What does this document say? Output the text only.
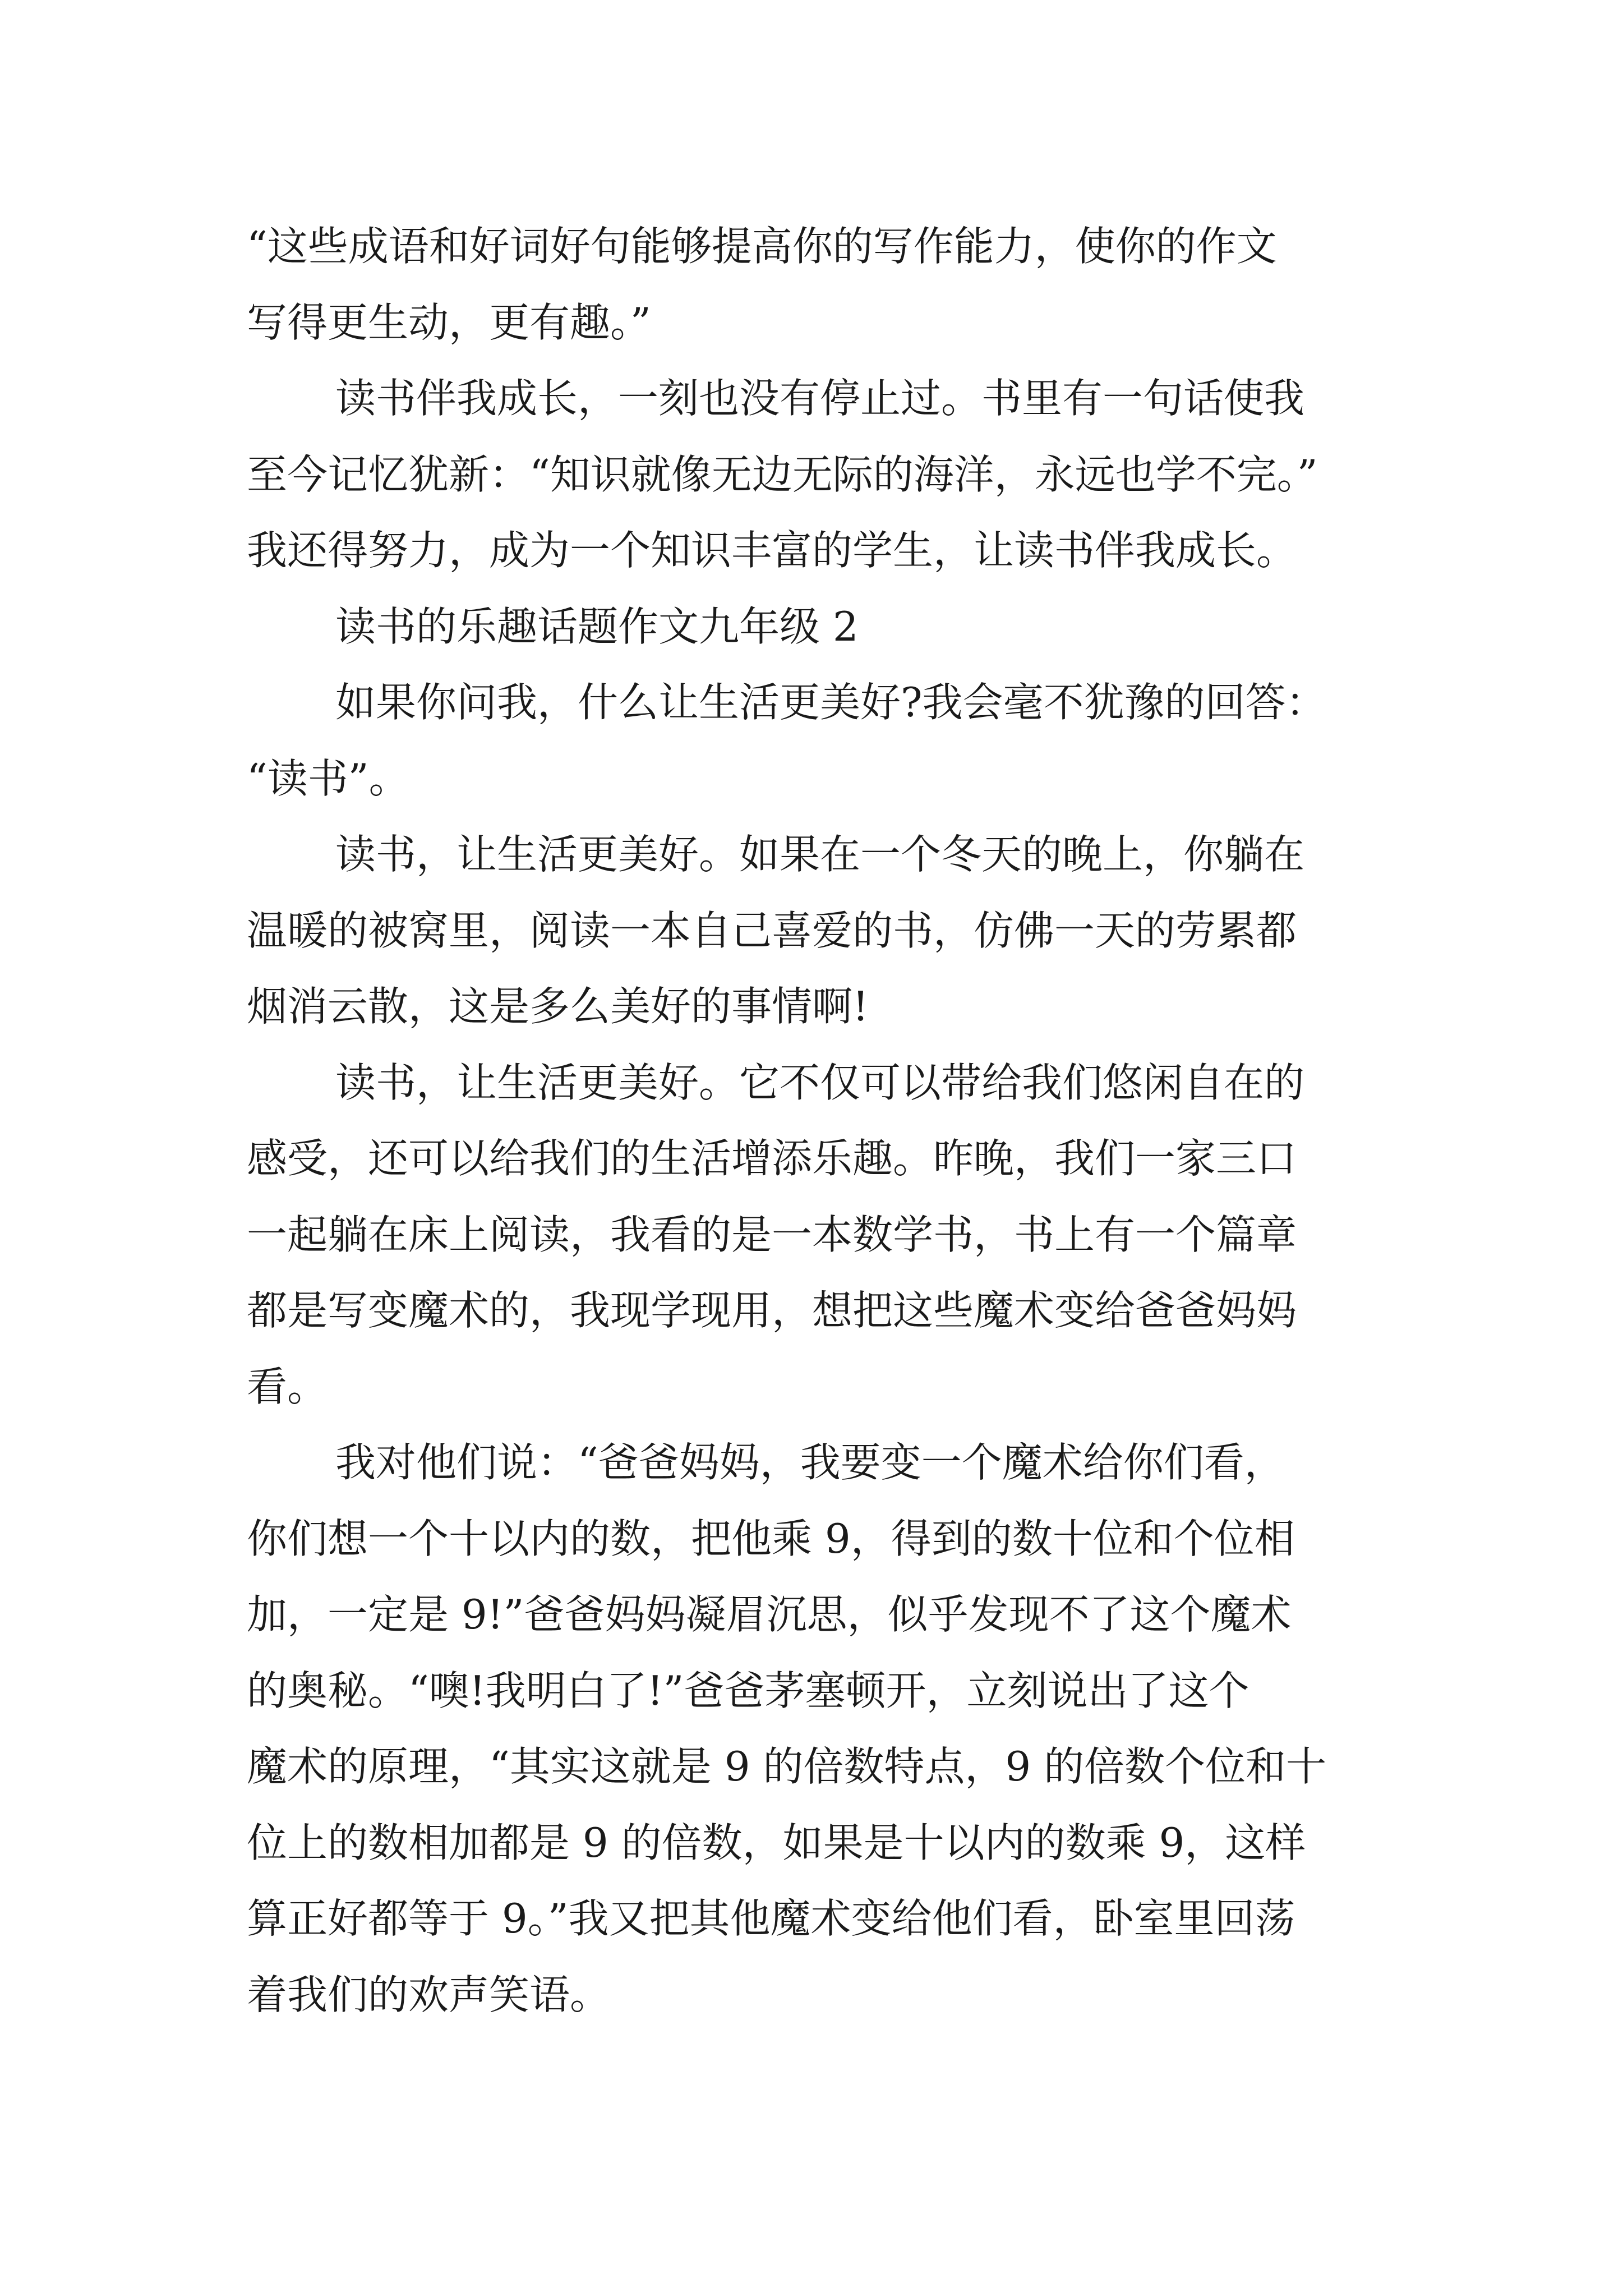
“这些成语和好词好句能够提高你的写作能力，使你的作文
写得更生动，更有趣。”

读书伴我成长，一刻也没有停止过。书里有一句话使我
至今记忆犹新：“知识就像无边无际的海洋，永远也学不完。”
我还得努力，成为一个知识丰富的学生，让读书伴我成长。

读书的乐趣话题作文九年级 2

如果你问我，什么让生活更美好?我会毫不犹豫的回答：
“读书”。

读书，让生活更美好。如果在一个冬天的晚上，你躺在
温暖的被窝里，阅读一本自己喜爱的书，仿佛一天的劳累都
烟消云散，这是多么美好的事情啊!

读书，让生活更美好。它不仅可以带给我们悠闲自在的
感受，还可以给我们的生活增添乐趣。昨晚，我们一家三口
一起躺在床上阅读，我看的是一本数学书，书上有一个篇章
都是写变魔术的，我现学现用，想把这些魔术变给爸爸妈妈
看。

我对他们说：“爸爸妈妈，我要变一个魔术给你们看，
你们想一个十以内的数，把他乘 9，得到的数十位和个位相
加，一定是 9!”爸爸妈妈凝眉沉思，似乎发现不了这个魔术
的奥秘。“噢!我明白了!”爸爸茅塞顿开，立刻说出了这个
魔术的原理，“其实这就是 9 的倍数特点，9 的倍数个位和十
位上的数相加都是 9 的倍数，如果是十以内的数乘 9，这样
算正好都等于 9。”我又把其他魔术变给他们看，卧室里回荡
着我们的欢声笑语。
